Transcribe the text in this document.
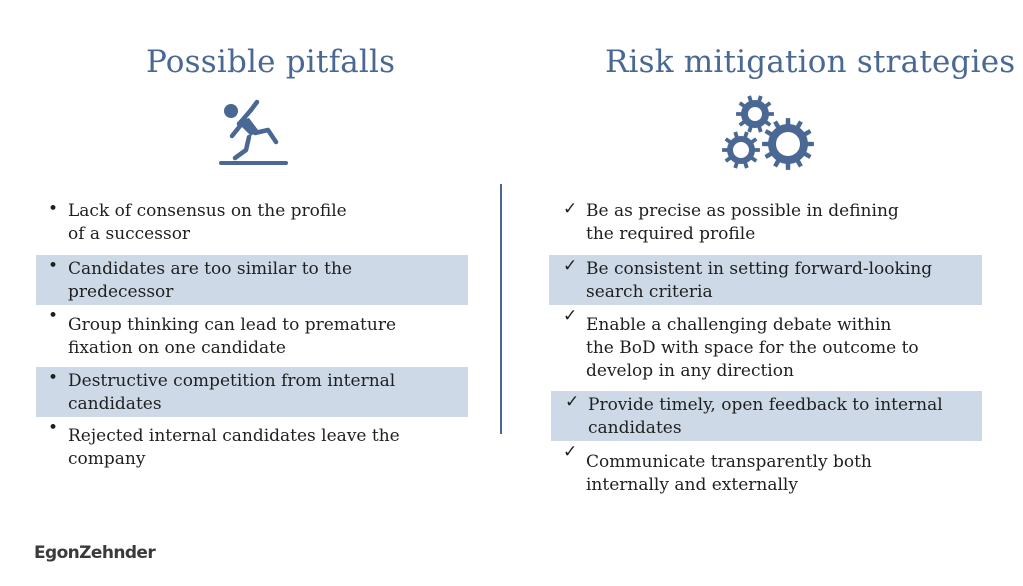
Possible pitfalls	Risk mitigation strategies
• Lack of consensus on the profile
of a successor
• Candidates are too similar to the
predecessor
• Group thinking can lead to premature
fixation on one candidate
• Destructive competition from internal
candidates
• Rejected internal candidates leave the
company
✓ Be as precise as possible in defining
the required profile
✓ Be consistent in setting forward-looking
search criteria
✓ Enable a challenging debate within
the BoD with space for the outcome to
develop in any direction
✓ Provide timely, open feedback to internal
candidates
✓ Communicate transparently both
internally and externally
EgonZehnder
